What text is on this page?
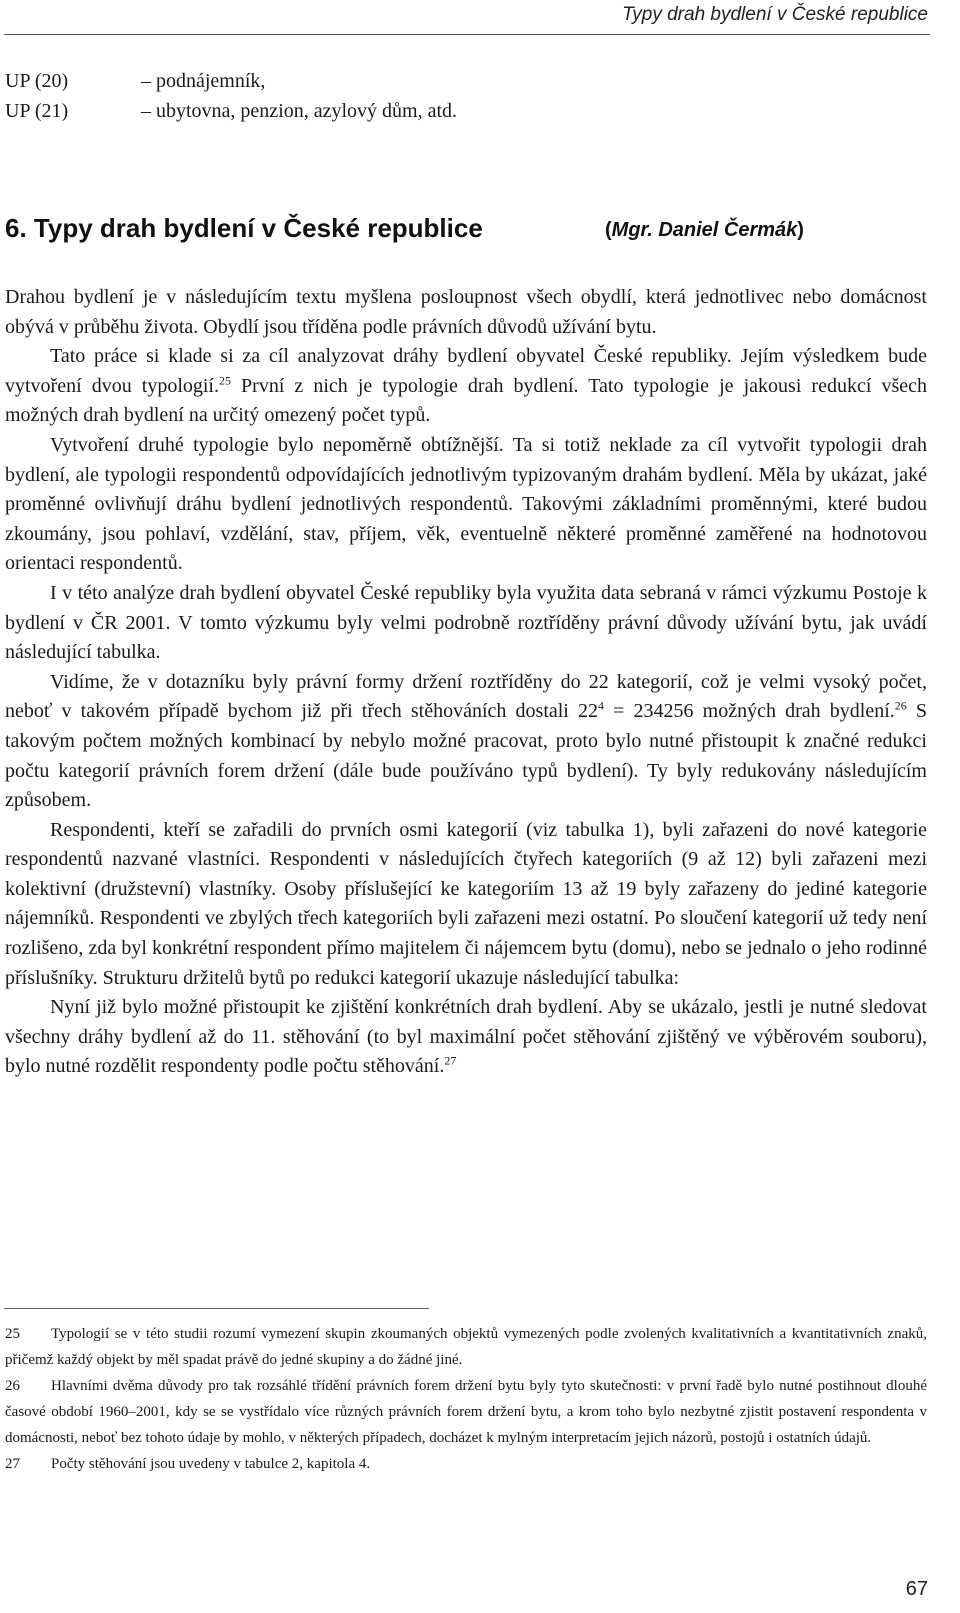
Typy drah bydlení v České republice
UP (20)	– podnájemník,
UP (21)	– ubytovna, penzion, azylový dům, atd.
6. Typy drah bydlení v České republice	(Mgr. Daniel Čermák)

Drahou bydlení je v následujícím textu myšlena posloupnost všech obydlí, která jednotlivec nebo domácnost obývá v průběhu života. Obydlí jsou tříděna podle právních důvodů užívání bytu.

Tato práce si klade si za cíl analyzovat dráhy bydlení obyvatel České republiky. Jejím výsledkem bude vytvoření dvou typologií.$^{25}$ První z nich je typologie drah bydlení. Tato typologie je jakousi redukcí všech možných drah bydlení na určitý omezený počet typů.

Vytvoření druhé typologie bylo nepoměrně obtížnější. Ta si totiž neklade za cíl vytvořit typologii drah bydlení, ale typologii respondentů odpovídajících jednotlivým typizovaným drahám bydlení. Měla by ukázat, jaké proměnné ovlivňují dráhu bydlení jednotlivých respondentů. Takovými základními proměnnými, které budou zkoumány, jsou pohlaví, vzdělání, stav, příjem, věk, eventuelně některé proměnné zaměřené na hodnotovou orientaci respondentů.

I v této analýze drah bydlení obyvatel České republiky byla využita data sebraná v rámci výzkumu Postoje k bydlení v ČR 2001. V tomto výzkumu byly velmi podrobně roztříděny právní důvody užívání bytu, jak uvádí následující tabulka.

Vidíme, že v dotazníku byly právní formy držení roztříděny do 22 kategorií, což je velmi vysoký počet, neboť v takovém případě bychom již při třech stěhováních dostali $22^4 = 234256$ možných drah bydlení.$^{26}$ S takovým počtem možných kombinací by nebylo možné pracovat, proto bylo nutné přistoupit k značné redukci počtu kategorií právních forem držení (dále bude používáno typů bydlení). Ty byly redukovány následujícím způsobem.

Respondenti, kteří se zařadili do prvních osmi kategorií (viz tabulka 1), byli zařazeni do nové kategorie respondentů nazvané vlastníci. Respondenti v následujících čtyřech kategoriích (9 až 12) byli zařazeni mezi kolektivní (družstevní) vlastníky. Osoby příslušející ke kategoriím 13 až 19 byly zařazeny do jediné kategorie nájemníků. Respondenti ve zbylých třech kategoriích byli zařazeni mezi ostatní. Po sloučení kategorií už tedy není rozlišeno, zda byl konkrétní respondent přímo majitelem či nájemcem bytu (domu), nebo se jednalo o jeho rodinné příslušníky. Strukturu držitelů bytů po redukci kategorií ukazuje následující tabulka:

Nyní již bylo možné přistoupit ke zjištění konkrétních drah bydlení. Aby se ukázalo, jestli je nutné sledovat všechny dráhy bydlení až do 11. stěhování (to byl maximální počet stěhování zjištěný ve výběrovém souboru), bylo nutné rozdělit respondenty podle počtu stěhování.$^{27}$

25 Typologií se v této studii rozumí vymezení skupin zkoumaných objektů vymezených podle zvolených kvalitativních a kvantitativních znaků, přičemž každý objekt by měl spadat právě do jedné skupiny a do žádné jiné.

26 Hlavními dvěma důvody pro tak rozsáhlé třídění právních forem držení bytu byly tyto skutečnosti: v první řadě bylo nutné postihnout dlouhé časové období 1960–2001, kdy se se vystřídalo více různých právních forem držení bytu, a krom toho bylo nezbytné zjistit postavení respondenta v domácnosti, neboť bez tohoto údaje by mohlo, v některých případech, docházet k mylným interpretacím jejich názorů, postojů i ostatních údajů.

27 Počty stěhování jsou uvedeny v tabulce 2, kapitola 4.

67
